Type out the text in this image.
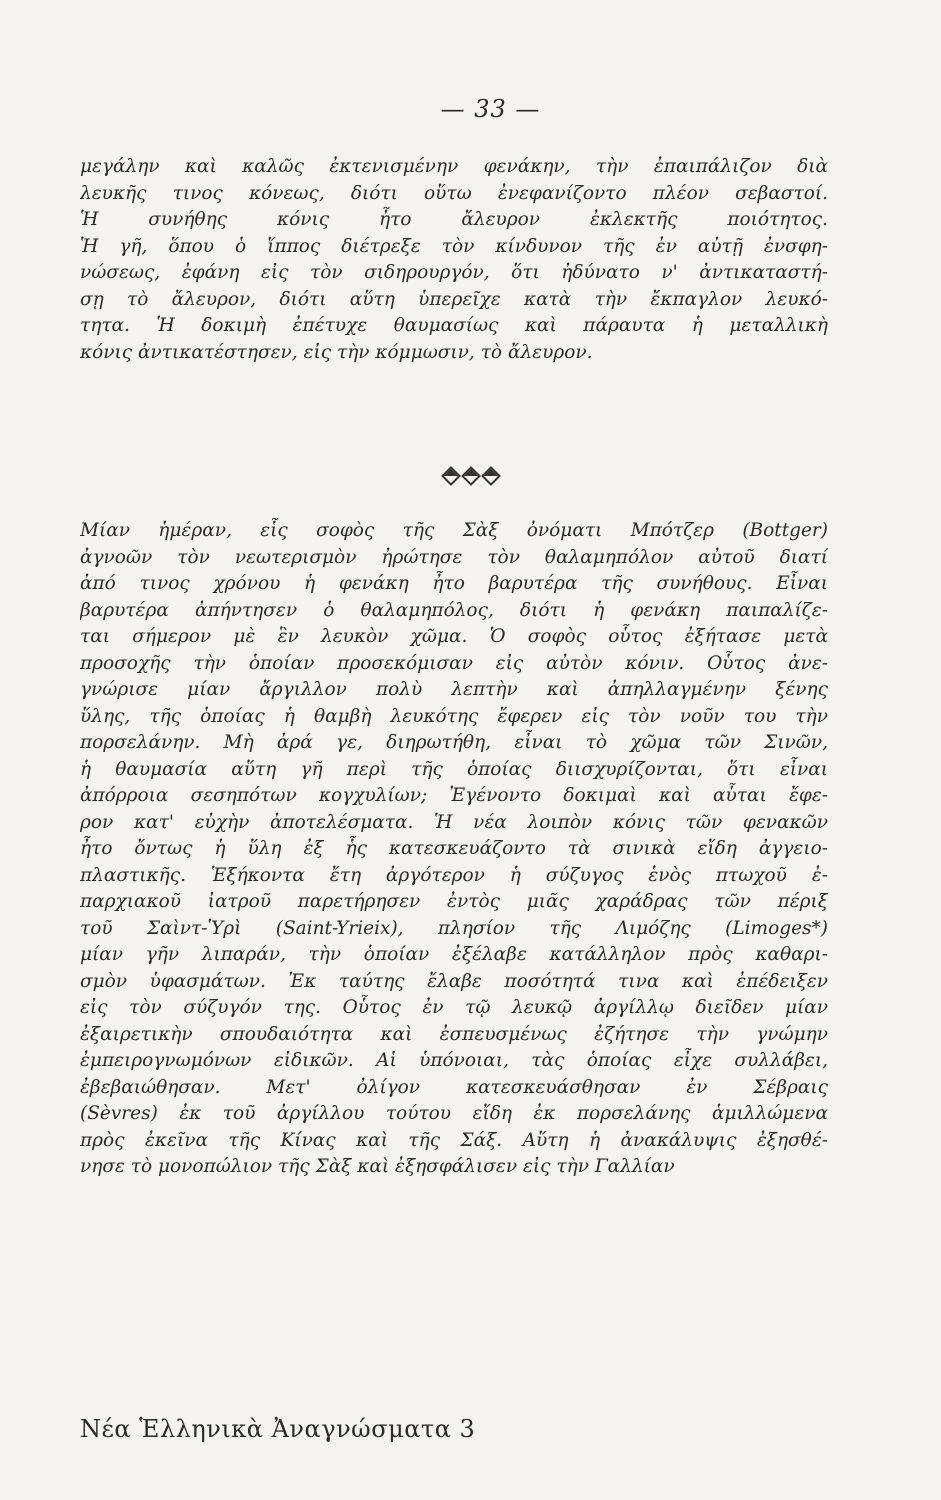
— 33 —
μεγάλην καὶ καλῶς ἐκτενισμένην φενάκην, τὴν ἐπαιπάλιζον διὰ
λευκῆς τινος κόνεως, διότι οὕτω ἐνεφανίζοντο πλέον σεβαστοί.
Ἡ συνήθης κόνις ἦτο ἄλευρον ἐκλεκτῆς ποιότητος.
Ἡ γῆ, ὅπου ὁ ἵππος διέτρεξε τὸν κίνδυνον τῆς ἐν αὐτῇ ἐνσφη-
νώσεως, ἐφάνη εἰς τὸν σιδηρουργόν, ὅτι ἠδύνατο ν' ἀντικαταστή-
σῃ τὸ ἄλευρον, διότι αὕτη ὑπερεῖχε κατὰ τὴν ἔκπαγλον λευκό-
τητα. Ἡ δοκιμὴ ἐπέτυχε θαυμασίως καὶ πάραυτα ἡ μεταλλικὴ
κόνις ἀντικατέστησεν, εἰς τὴν κόμμωσιν, τὸ ἄλευρον.
Μίαν ἡμέραν, εἷς σοφὸς τῆς Σὰξ ὀνόματι Μπότζερ (Bottger)
ἀγνοῶν τὸν νεωτερισμὸν ἠρώτησε τὸν θαλαμηπόλον αὐτοῦ διατί
ἀπό τινος χρόνου ἡ φενάκη ἦτο βαρυτέρα τῆς συνήθους. Εἶναι
βαρυτέρα ἀπήντησεν ὁ θαλαμηπόλος, διότι ἡ φενάκη παιπαλίζε-
ται σήμερον μὲ ἓν λευκὸν χῶμα. Ὁ σοφὸς οὗτος ἐξήτασε μετὰ
προσοχῆς τὴν ὁποίαν προσεκόμισαν εἰς αὐτὸν κόνιν. Οὗτος ἀνε-
γνώρισε μίαν ἄργιλλον πολὺ λεπτὴν καὶ ἀπηλλαγμένην ξένης
ὕλης, τῆς ὁποίας ἡ θαμβὴ λευκότης ἔφερεν εἰς τὸν νοῦν του τὴν
πορσελάνην. Μὴ ἀρά γε, διηρωτήθη, εἶναι τὸ χῶμα τῶν Σινῶν,
ἡ θαυμασία αὕτη γῆ περὶ τῆς ὁποίας διισχυρίζονται, ὅτι εἶναι
ἀπόρροια σεσηπότων κογχυλίων; Ἐγένοντο δοκιμαὶ καὶ αὗται ἔφε-
ρον κατ' εὐχὴν ἀποτελέσματα. Ἡ νέα λοιπὸν κόνις τῶν φενακῶν
ἦτο ὄντως ἡ ὕλη ἐξ ἧς κατεσκευάζοντο τὰ σινικὰ εἴδη ἀγγειο-
πλαστικῆς. Ἑξήκοντα ἔτη ἀργότερον ἡ σύζυγος ἑνὸς πτωχοῦ ἐ-
παρχιακοῦ ἰατροῦ παρετήρησεν ἐντὸς μιᾶς χαράδρας τῶν πέριξ
τοῦ Σαὶντ-Ὑρὶ (Saint-Yrieix), πλησίον τῆς Λιμόζης (Limoges*)
μίαν γῆν λιπαράν, τὴν ὁποίαν ἐξέλαβε κατάλληλον πρὸς καθαρι-
σμὸν ὑφασμάτων. Ἐκ ταύτης ἔλαβε ποσότητά τινα καὶ ἐπέδειξεν
εἰς τὸν σύζυγόν της. Οὗτος ἐν τῷ λευκῷ ἀργίλλῳ διεῖδεν μίαν
ἐξαιρετικὴν σπουδαιότητα καὶ ἐσπευσμένως ἐζήτησε τὴν γνώμην
ἐμπειρογνωμόνων εἰδικῶν. Αἱ ὑπόνοιαι, τὰς ὁποίας εἶχε συλλάβει,
ἐβεβαιώθησαν. Μετ' ὀλίγον κατεσκευάσθησαν ἐν Σέβραις
(Sèvres) ἐκ τοῦ ἀργίλλου τούτου εἴδη ἐκ πορσελάνης ἁμιλλώμενα
πρὸς ἐκεῖνα τῆς Κίνας καὶ τῆς Σάξ. Αὕτη ἡ ἀνακάλυψις ἐξησθέ-
νησε τὸ μονοπώλιον τῆς Σὰξ καὶ ἐξησφάλισεν εἰς τὴν Γαλλίαν
Νέα Ἑλληνικὰ Ἀναγνώσματα 3
